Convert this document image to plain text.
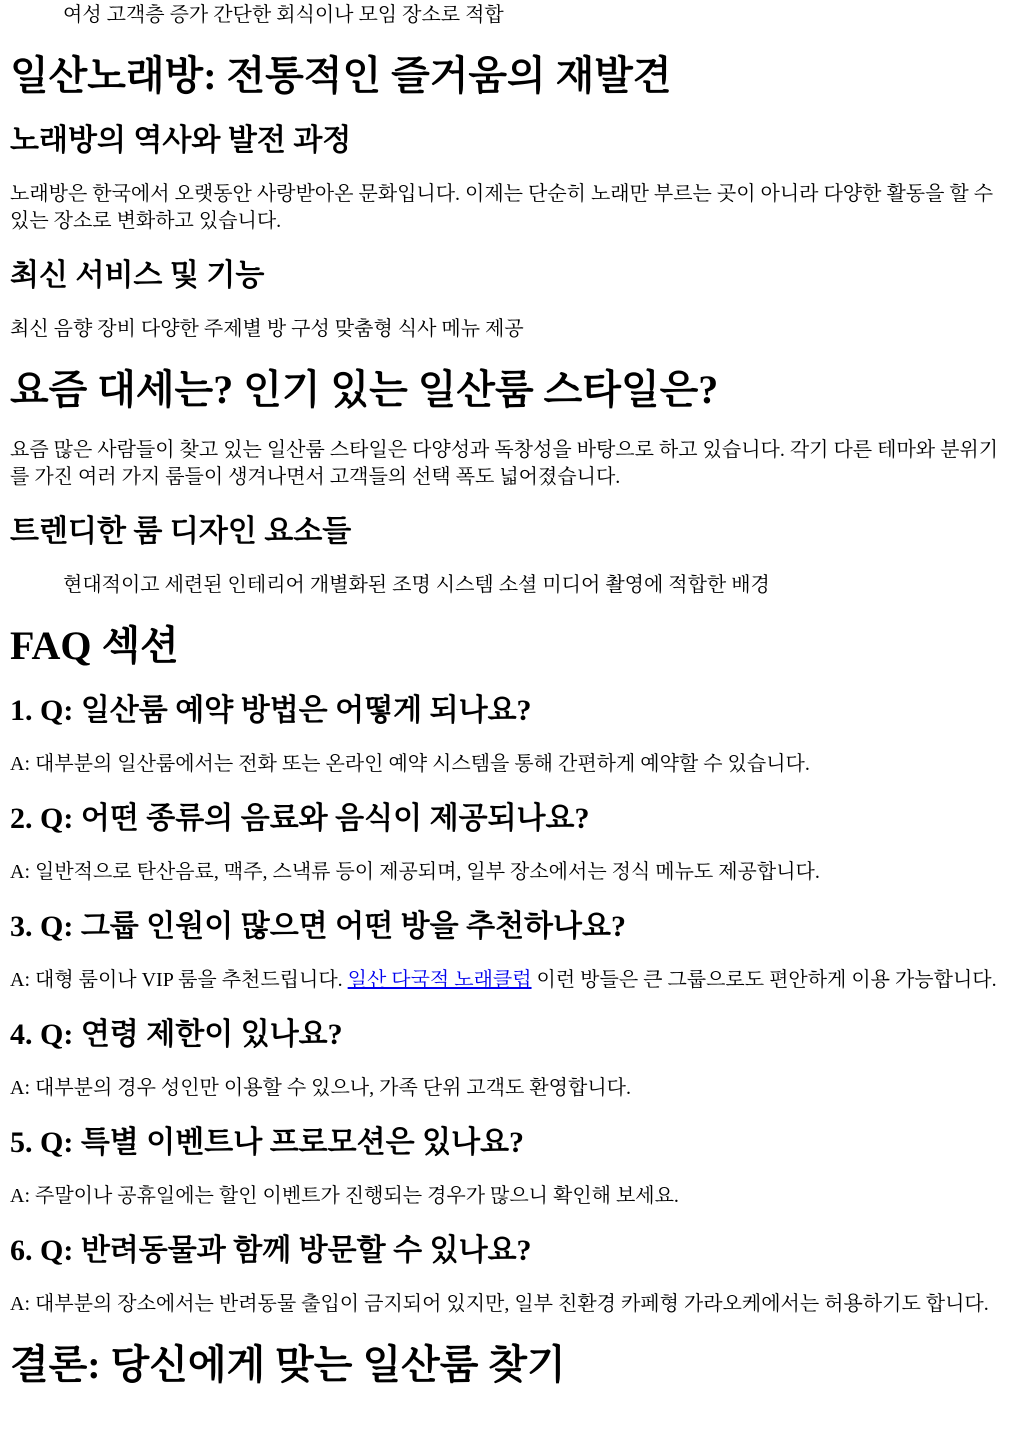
여성 고객층 증가 간단한 회식이나 모임 장소로 적합

일산노래방: 전통적인 즐거움의 재발견
노래방의 역사와 발전 과정

노래방은 한국에서 오랫동안 사랑받아온 문화입니다. 이제는 단순히 노래만 부르는 곳이 아니라 다양한 활동을 할 수 있는 장소로 변화하고 있습니다.

최신 서비스 및 기능

최신 음향 장비 다양한 주제별 방 구성 맞춤형 식사 메뉴 제공

요즘 대세는? 인기 있는 일산룸 스타일은?

요즘 많은 사람들이 찾고 있는 일산룸 스타일은 다양성과 독창성을 바탕으로 하고 있습니다. 각기 다른 테마와 분위기를 가진 여러 가지 룸들이 생겨나면서 고객들의 선택 폭도 넓어졌습니다.

트렌디한 룸 디자인 요소들

현대적이고 세련된 인테리어 개별화된 조명 시스템 소셜 미디어 촬영에 적합한 배경

FAQ 섹션
1. Q: 일산룸 예약 방법은 어떻게 되나요?

A: 대부분의 일산룸에서는 전화 또는 온라인 예약 시스템을 통해 간편하게 예약할 수 있습니다.

2. Q: 어떤 종류의 음료와 음식이 제공되나요?

A: 일반적으로 탄산음료, 맥주, 스낵류 등이 제공되며, 일부 장소에서는 정식 메뉴도 제공합니다.

3. Q: 그룹 인원이 많으면 어떤 방을 추천하나요?

A: 대형 룸이나 VIP 룸을 추천드립니다. 일산 다국적 노래클럽 이런 방들은 큰 그룹으로도 편안하게 이용 가능합니다.

4. Q: 연령 제한이 있나요?

A: 대부분의 경우 성인만 이용할 수 있으나, 가족 단위 고객도 환영합니다.

5. Q: 특별 이벤트나 프로모션은 있나요?

A: 주말이나 공휴일에는 할인 이벤트가 진행되는 경우가 많으니 확인해 보세요.

6. Q: 반려동물과 함께 방문할 수 있나요?

A: 대부분의 장소에서는 반려동물 출입이 금지되어 있지만, 일부 친환경 카페형 가라오케에서는 허용하기도 합니다.

결론: 당신에게 맞는 일산룸 찾기
